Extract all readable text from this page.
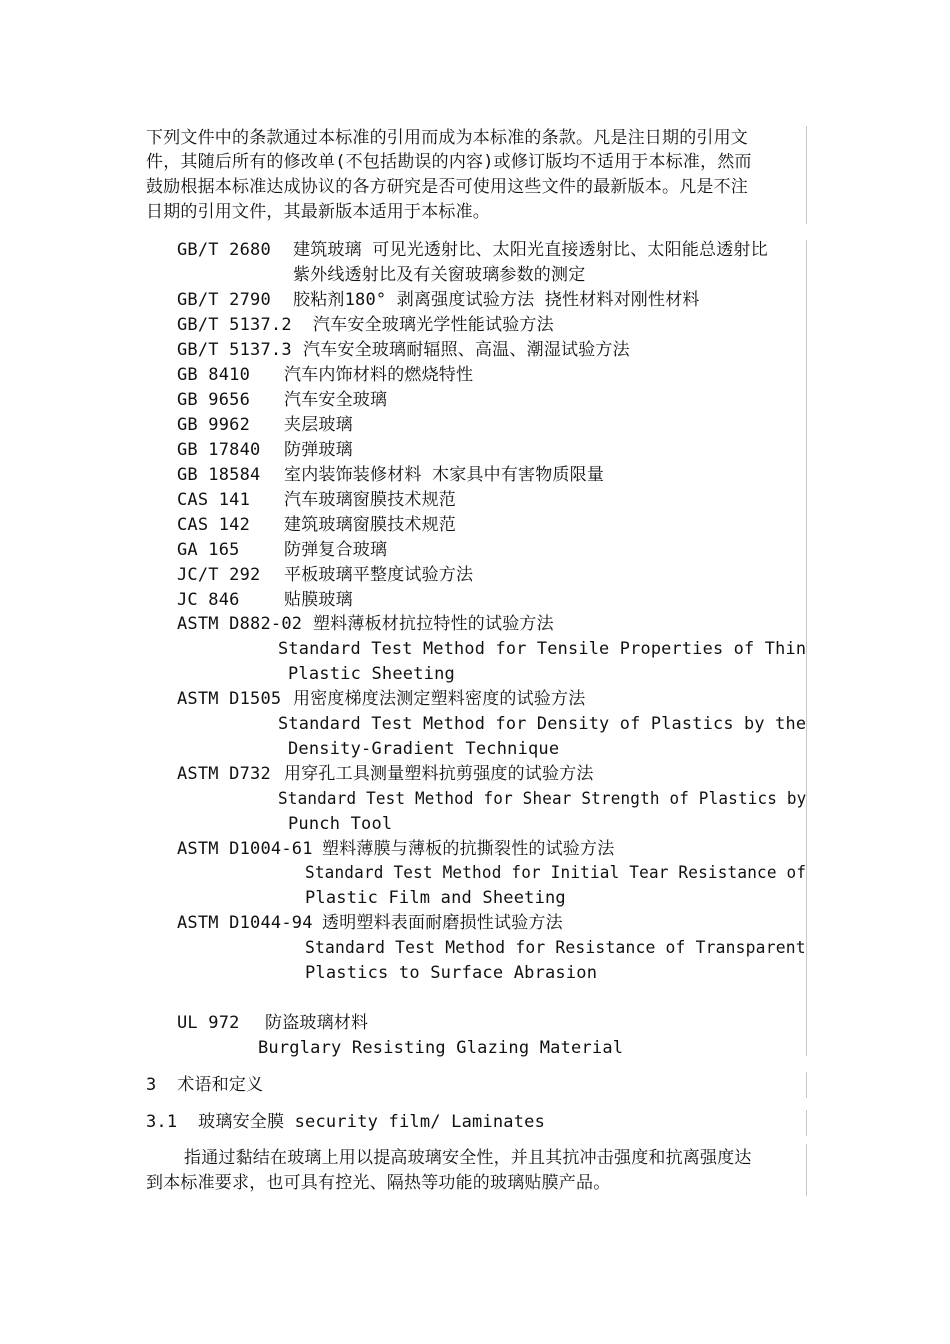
下列文件中的条款通过本标准的引用而成为本标准的条款。凡是注日期的引用文
件，其随后所有的修改单(不包括勘误的内容)或修订版均不适用于本标准，然而
鼓励根据本标准达成协议的各方研究是否可使用这些文件的最新版本。凡是不注
日期的引用文件，其最新版本适用于本标准。
GB/T 2680 建筑玻璃 可见光透射比、太阳光直接透射比、太阳能总透射比
紫外线透射比及有关窗玻璃参数的测定
GB/T 2790 胶粘剂180° 剥离强度试验方法 挠性材料对刚性材料
GB/T 5137.2 汽车安全玻璃光学性能试验方法
GB/T 5137.3 汽车安全玻璃耐辐照、高温、潮湿试验方法
GB 8410 汽车内饰材料的燃烧特性
GB 9656 汽车安全玻璃
GB 9962 夹层玻璃
GB 17840 防弹玻璃
GB 18584 室内装饰装修材料 木家具中有害物质限量
CAS 141 汽车玻璃窗膜技术规范
CAS 142 建筑玻璃窗膜技术规范
GA 165	防弹复合玻璃
JC/T 292 平板玻璃平整度试验方法
JC 846	贴膜玻璃
ASTM D882-02 塑料薄板材抗拉特性的试验方法
Standard Test Method for Tensile Properties of Thin
Plastic Sheeting
ASTM D1505 用密度梯度法测定塑料密度的试验方法
Standard Test Method for Density of Plastics by the
Density-Gradient Technique
ASTM D732 用穿孔工具测量塑料抗剪强度的试验方法
Standard Test Method for Shear Strength of Plastics by
Punch Tool
ASTM D1004-61 塑料薄膜与薄板的抗撕裂性的试验方法
Standard Test Method for Initial Tear Resistance of
Plastic Film and Sheeting
ASTM D1044-94 透明塑料表面耐磨损性试验方法
Standard Test Method for Resistance of Transparent
Plastics to Surface Abrasion
UL 972 防盗玻璃材料
Burglary Resisting Glazing Material
3  术语和定义
3.1  玻璃安全膜 security film/ Laminates
指通过黏结在玻璃上用以提高玻璃安全性，并且其抗冲击强度和抗离强度达
到本标准要求，也可具有控光、隔热等功能的玻璃贴膜产品。
